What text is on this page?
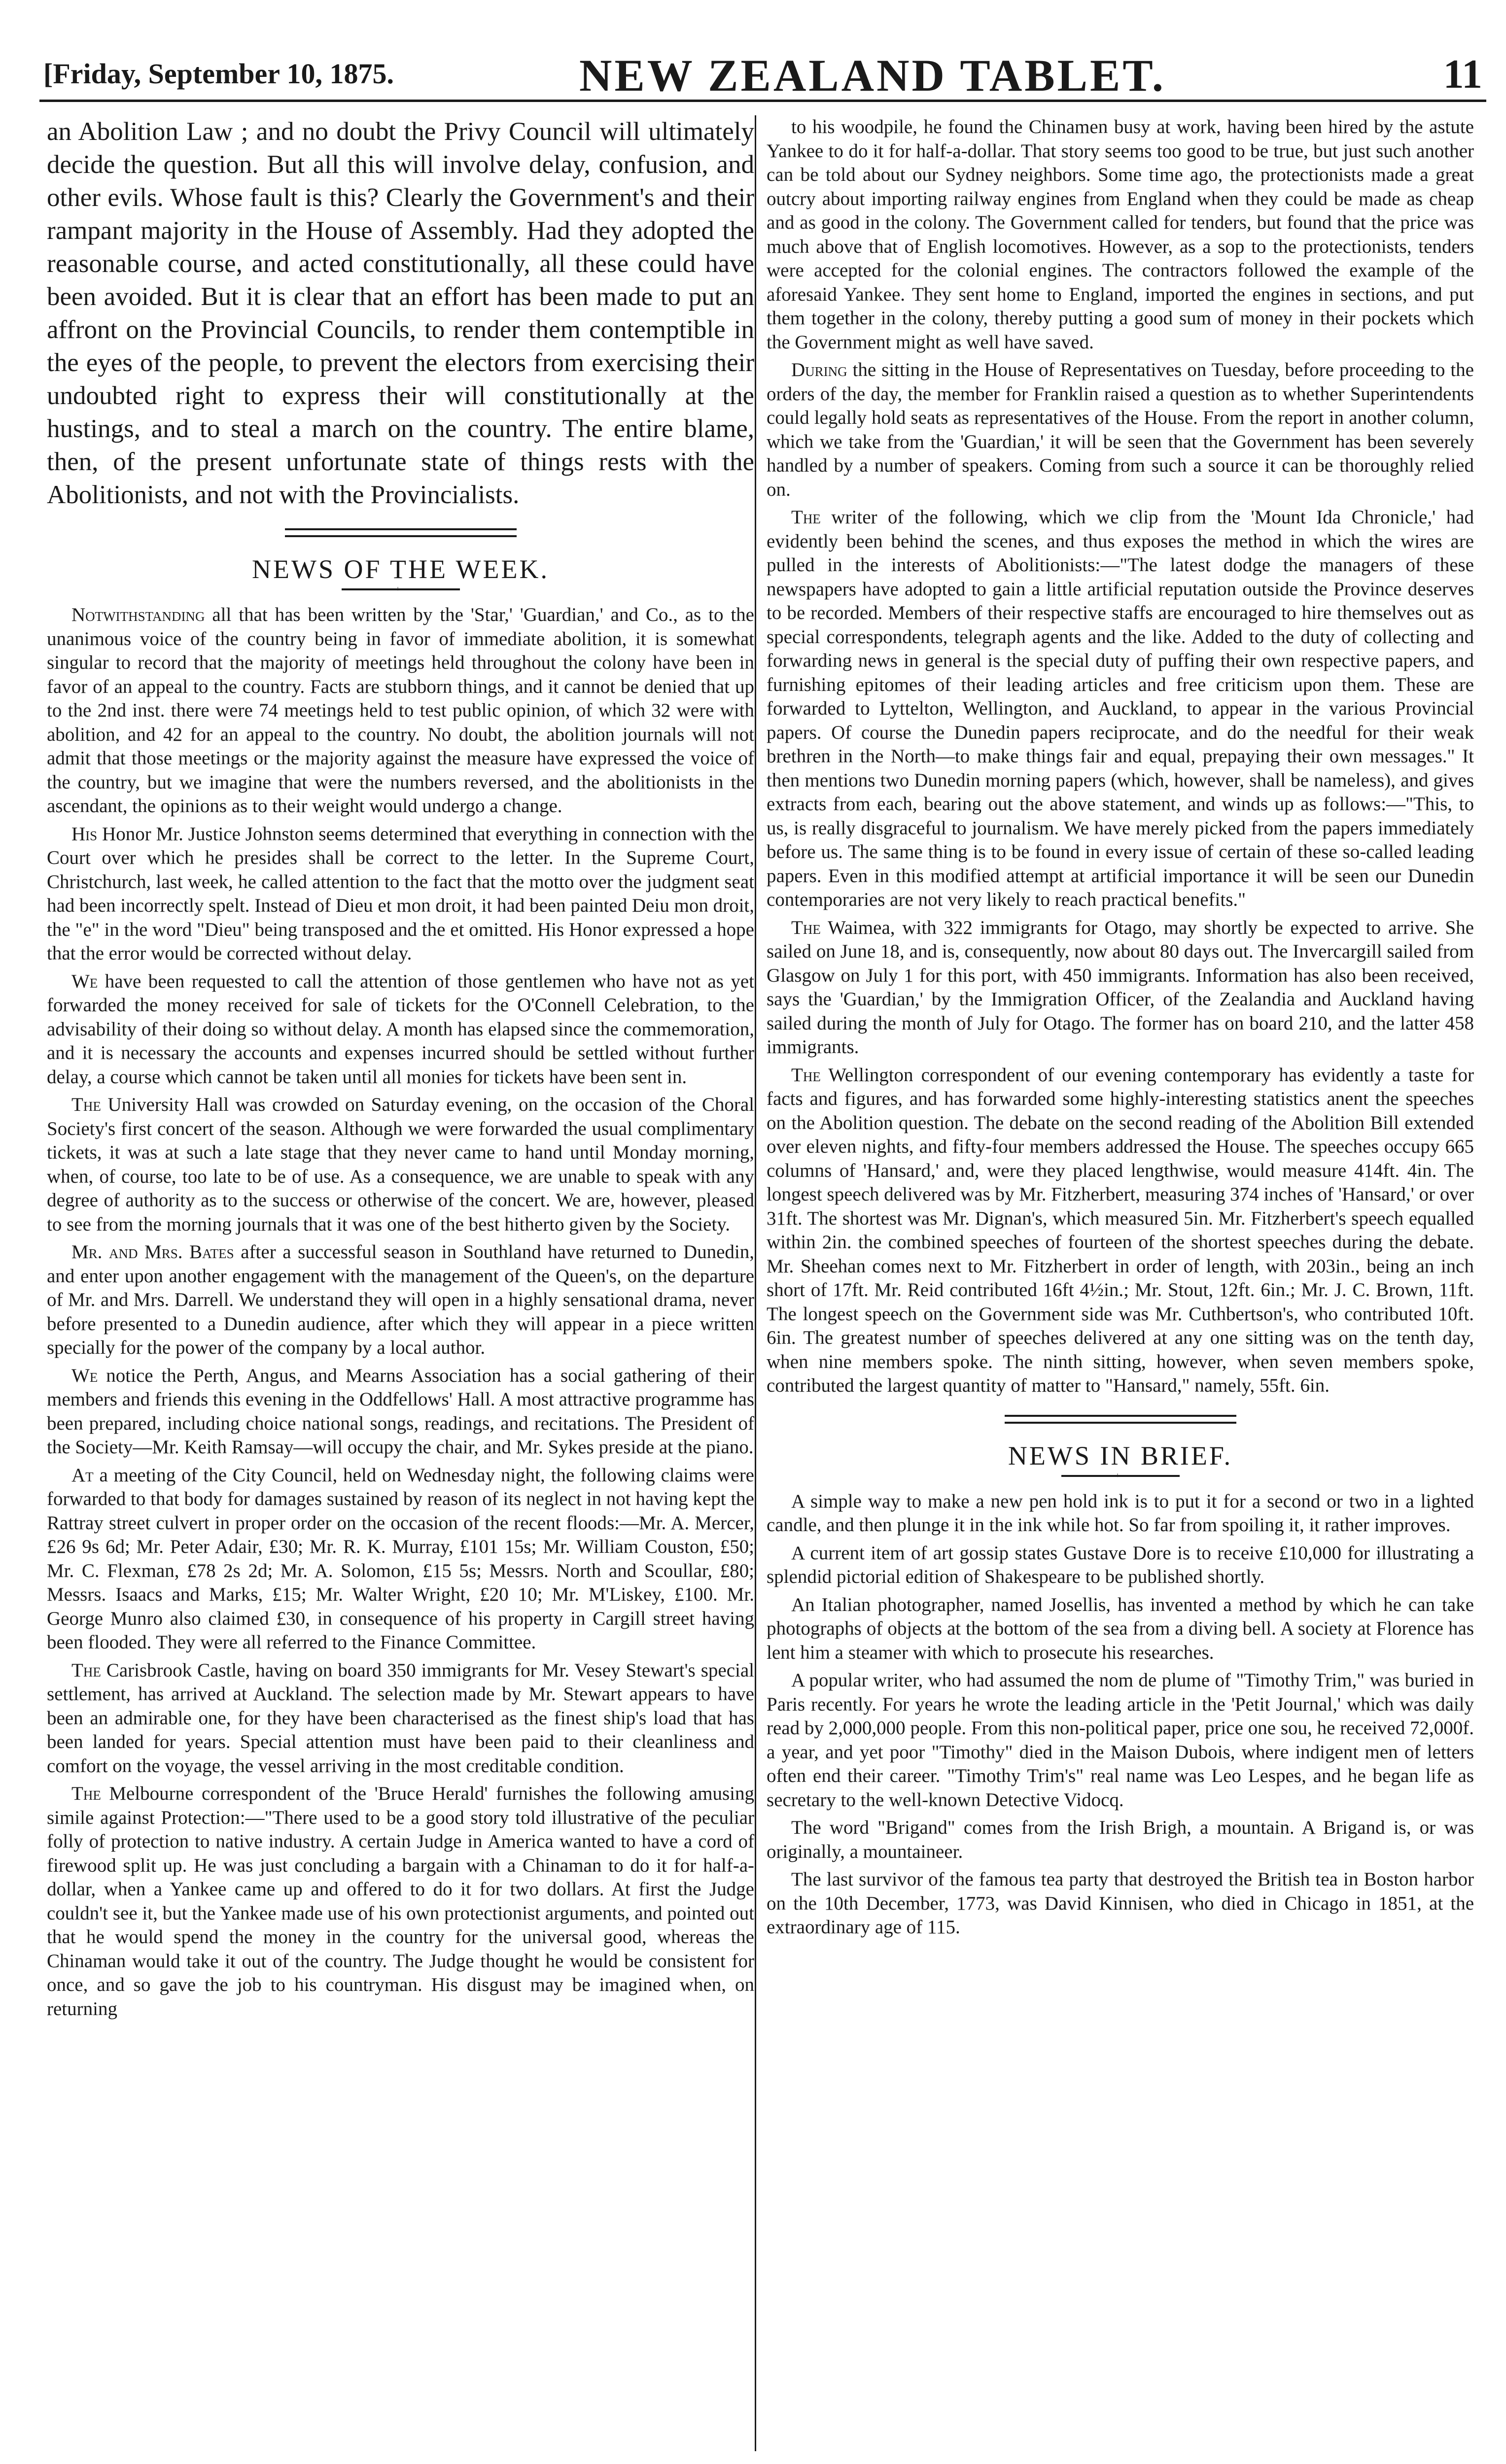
[Friday, September 10, 1875.	NEW ZEALAND TABLET.	11

an Abolition Law ; and no doubt the Privy Council will ultimately decide the question. But all this will involve delay, confusion, and other evils. Whose fault is this? Clearly the Government's and their rampant majority in the House of Assembly. Had they adopted the reasonable course, and acted constitutionally, all these could have been avoided. But it is clear that an effort has been made to put an affront on the Provincial Councils, to render them contemptible in the eyes of the people, to prevent the electors from exercising their undoubted right to express their will constitutionally at the hustings, and to steal a march on the country. The entire blame, then, of the present unfortunate state of things rests with the Abolitionists, and not with the Provincialists.

NEWS OF THE WEEK.
+

Notwithstanding all that has been written by the 'Star,' 'Guardian,' and Co., as to the unanimous voice of the country being in favor of immediate abolition, it is somewhat singular to record that the majority of meetings held throughout the colony have been in favor of an appeal to the country. Facts are stubborn things, and it cannot be denied that up to the 2nd inst. there were 74 meetings held to test public opinion, of which 32 were with abolition, and 42 for an appeal to the country. No doubt, the abolition journals will not admit that those meetings or the majority against the measure have expressed the voice of the country, but we imagine that were the numbers reversed, and the abolitionists in the ascendant, the opinions as to their weight would undergo a change.

His Honor Mr. Justice Johnston seems determined that everything in connection with the Court over which he presides shall be correct to the letter. In the Supreme Court, Christchurch, last week, he called attention to the fact that the motto over the judgment seat had been incorrectly spelt. Instead of Dieu et mon droit, it had been painted Deiu mon droit, the "e" in the word "Dieu" being transposed and the et omitted. His Honor expressed a hope that the error would be corrected without delay.

We have been requested to call the attention of those gentlemen who have not as yet forwarded the money received for sale of tickets for the O'Connell Celebration, to the advisability of their doing so without delay. A month has elapsed since the commemoration, and it is necessary the accounts and expenses incurred should be settled without further delay, a course which cannot be taken until all monies for tickets have been sent in.

The University Hall was crowded on Saturday evening, on the occasion of the Choral Society's first concert of the season. Although we were forwarded the usual complimentary tickets, it was at such a late stage that they never came to hand until Monday morning, when, of course, too late to be of use. As a consequence, we are unable to speak with any degree of authority as to the success or otherwise of the concert. We are, however, pleased to see from the morning journals that it was one of the best hitherto given by the Society.

Mr. and Mrs. Bates after a successful season in Southland have returned to Dunedin, and enter upon another engagement with the management of the Queen's, on the departure of Mr. and Mrs. Darrell. We understand they will open in a highly sensational drama, never before presented to a Dunedin audience, after which they will appear in a piece written specially for the power of the company by a local author.

We notice the Perth, Angus, and Mearns Association has a social gathering of their members and friends this evening in the Oddfellows' Hall. A most attractive programme has been prepared, including choice national songs, readings, and recitations. The President of the Society—Mr. Keith Ramsay—will occupy the chair, and Mr. Sykes preside at the piano.

At a meeting of the City Council, held on Wednesday night, the following claims were forwarded to that body for damages sustained by reason of its neglect in not having kept the Rattray street culvert in proper order on the occasion of the recent floods:—Mr. A. Mercer, £26 9s 6d; Mr. Peter Adair, £30; Mr. R. K. Murray, £101 15s; Mr. William Couston, £50; Mr. C. Flexman, £78 2s 2d; Mr. A. Solomon, £15 5s; Messrs. North and Scoullar, £80; Messrs. Isaacs and Marks, £15; Mr. Walter Wright, £20 10; Mr. M'Liskey, £100. Mr. George Munro also claimed £30, in consequence of his property in Cargill street having been flooded. They were all referred to the Finance Committee.

The Carisbrook Castle, having on board 350 immigrants for Mr. Vesey Stewart's special settlement, has arrived at Auckland. The selection made by Mr. Stewart appears to have been an admirable one, for they have been characterised as the finest ship's load that has been landed for years. Special attention must have been paid to their cleanliness and comfort on the voyage, the vessel arriving in the most creditable condition.

The Melbourne correspondent of the 'Bruce Herald' furnishes the following amusing simile against Protection:—"There used to be a good story told illustrative of the peculiar folly of protection to native industry. A certain Judge in America wanted to have a cord of firewood split up. He was just concluding a bargain with a Chinaman to do it for half-a-dollar, when a Yankee came up and offered to do it for two dollars. At first the Judge couldn't see it, but the Yankee made use of his own protectionist arguments, and pointed out that he would spend the money in the country for the universal good, whereas the Chinaman would take it out of the country. The Judge thought he would be consistent for once, and so gave the job to his countryman. His disgust may be imagined when, on returning

to his woodpile, he found the Chinamen busy at work, having been hired by the astute Yankee to do it for half-a-dollar. That story seems too good to be true, but just such another can be told about our Sydney neighbors. Some time ago, the protectionists made a great outcry about importing railway engines from England when they could be made as cheap and as good in the colony. The Government called for tenders, but found that the price was much above that of English locomotives. However, as a sop to the protectionists, tenders were accepted for the colonial engines. The contractors followed the example of the aforesaid Yankee. They sent home to England, imported the engines in sections, and put them together in the colony, thereby putting a good sum of money in their pockets which the Government might as well have saved.

During the sitting in the House of Representatives on Tuesday, before proceeding to the orders of the day, the member for Franklin raised a question as to whether Superintendents could legally hold seats as representatives of the House. From the report in another column, which we take from the 'Guardian,' it will be seen that the Government has been severely handled by a number of speakers. Coming from such a source it can be thoroughly relied on.

The writer of the following, which we clip from the 'Mount Ida Chronicle,' had evidently been behind the scenes, and thus exposes the method in which the wires are pulled in the interests of Abolitionists:—"The latest dodge the managers of these newspapers have adopted to gain a little artificial reputation outside the Province deserves to be recorded. Members of their respective staffs are encouraged to hire themselves out as special correspondents, telegraph agents and the like. Added to the duty of collecting and forwarding news in general is the special duty of puffing their own respective papers, and furnishing epitomes of their leading articles and free criticism upon them. These are forwarded to Lyttelton, Wellington, and Auckland, to appear in the various Provincial papers. Of course the Dunedin papers reciprocate, and do the needful for their weak brethren in the North—to make things fair and equal, prepaying their own messages." It then mentions two Dunedin morning papers (which, however, shall be nameless), and gives extracts from each, bearing out the above statement, and winds up as follows:—"This, to us, is really disgraceful to journalism. We have merely picked from the papers immediately before us. The same thing is to be found in every issue of certain of these so-called leading papers. Even in this modified attempt at artificial importance it will be seen our Dunedin contemporaries are not very likely to reach practical benefits."

The Waimea, with 322 immigrants for Otago, may shortly be expected to arrive. She sailed on June 18, and is, consequently, now about 80 days out. The Invercargill sailed from Glasgow on July 1 for this port, with 450 immigrants. Information has also been received, says the 'Guardian,' by the Immigration Officer, of the Zealandia and Auckland having sailed during the month of July for Otago. The former has on board 210, and the latter 458 immigrants.

The Wellington correspondent of our evening contemporary has evidently a taste for facts and figures, and has forwarded some highly-interesting statistics anent the speeches on the Abolition question. The debate on the second reading of the Abolition Bill extended over eleven nights, and fifty-four members addressed the House. The speeches occupy 665 columns of 'Hansard,' and, were they placed lengthwise, would measure 414ft. 4in. The longest speech delivered was by Mr. Fitzherbert, measuring 374 inches of 'Hansard,' or over 31ft. The shortest was Mr. Dignan's, which measured 5in. Mr. Fitzherbert's speech equalled within 2in. the combined speeches of fourteen of the shortest speeches during the debate. Mr. Sheehan comes next to Mr. Fitzherbert in order of length, with 203in., being an inch short of 17ft. Mr. Reid contributed 16ft 4½in.; Mr. Stout, 12ft. 6in.; Mr. J. C. Brown, 11ft. The longest speech on the Government side was Mr. Cuthbertson's, who contributed 10ft. 6in. The greatest number of speeches delivered at any one sitting was on the tenth day, when nine members spoke. The ninth sitting, however, when seven members spoke, contributed the largest quantity of matter to "Hansard," namely, 55ft. 6in.

NEWS IN BRIEF.
+

A simple way to make a new pen hold ink is to put it for a second or two in a lighted candle, and then plunge it in the ink while hot. So far from spoiling it, it rather improves.

A current item of art gossip states Gustave Dore is to receive £10,000 for illustrating a splendid pictorial edition of Shakespeare to be published shortly.

An Italian photographer, named Josellis, has invented a method by which he can take photographs of objects at the bottom of the sea from a diving bell. A society at Florence has lent him a steamer with which to prosecute his researches.

A popular writer, who had assumed the nom de plume of "Timothy Trim," was buried in Paris recently. For years he wrote the leading article in the 'Petit Journal,' which was daily read by 2,000,000 people. From this non-political paper, price one sou, he received 72,000f. a year, and yet poor "Timothy" died in the Maison Dubois, where indigent men of letters often end their career. "Timothy Trim's" real name was Leo Lespes, and he began life as secretary to the well-known Detective Vidocq.

The word "Brigand" comes from the Irish Brigh, a mountain. A Brigand is, or was originally, a mountaineer.

The last survivor of the famous tea party that destroyed the British tea in Boston harbor on the 10th December, 1773, was David Kinnisen, who died in Chicago in 1851, at the extraordinary age of 115.
